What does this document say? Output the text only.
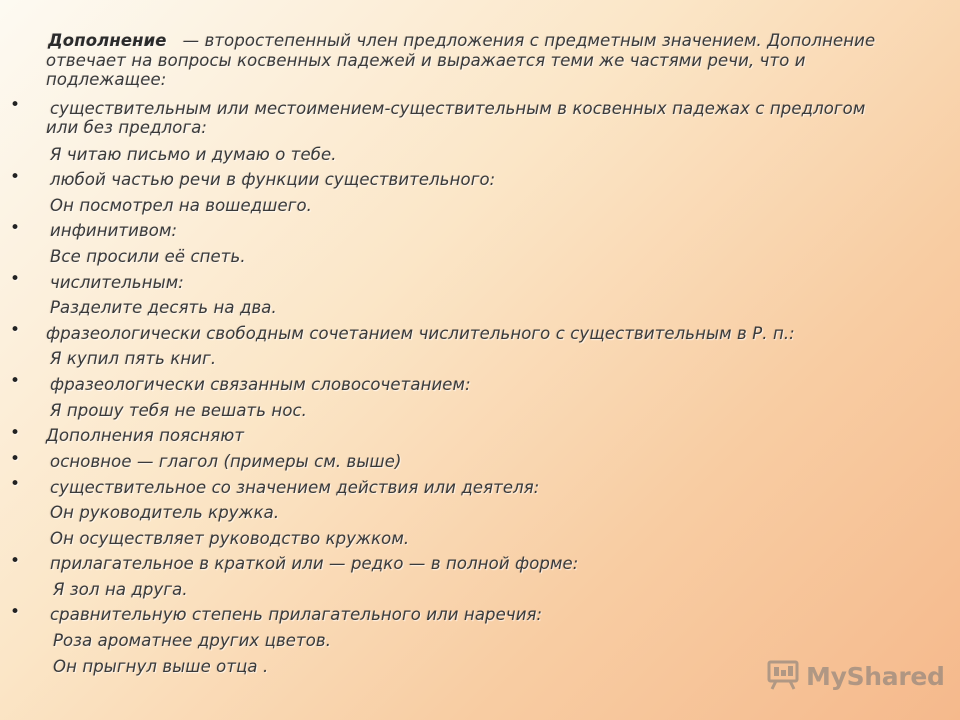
Дополнение — второстепенный член предложения с предметным значением. Дополнение
отвечает на вопросы косвенных падежей и выражается теми же частями речи, что и
подлежащее:
• существительным или местоимением-существительным в косвенных падежах с предлогом
или без предлога:
Я читаю письмо и думаю о тебе.
• любой частью речи в функции существительного:
Он посмотрел на вошедшего.
• инфинитивом:
Все просили её спеть.
• числительным:
Разделите десять на два.
• фразеологически свободным сочетанием числительного с существительным в Р. п.:
Я купил пять книг.
• фразеологически связанным словосочетанием:
Я прошу тебя не вешать нос.
• Дополнения поясняют
• основное — глагол (примеры см. выше)
• существительное со значением действия или деятеля:
Он руководитель кружка.
Он осуществляет руководство кружком.
• прилагательное в краткой или — редко — в полной форме:
Я зол на друга.
• сравнительную степень прилагательного или наречия:
Роза ароматнее других цветов.
Он прыгнул выше отца .	MyShared
